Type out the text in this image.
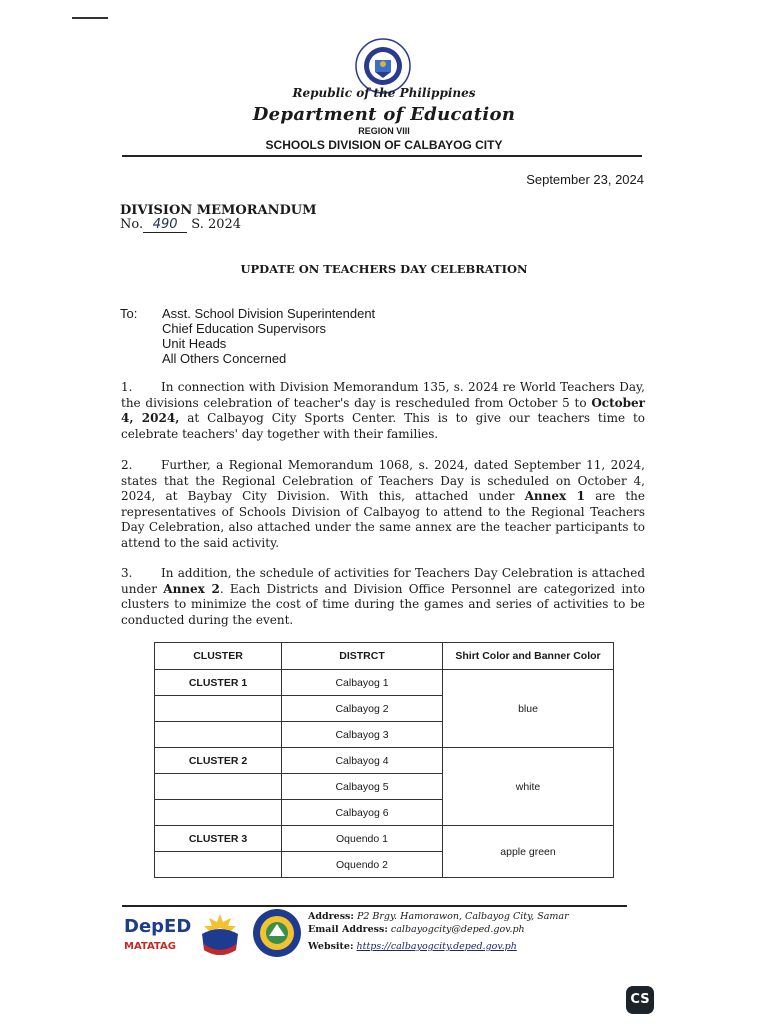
Republic of the Philippines
Department of Education
REGION VIII
SCHOOLS DIVISION OF CALBAYOG CITY
September 23, 2024
DIVISION MEMORANDUM
No. 490 S. 2024
UPDATE ON TEACHERS DAY CELEBRATION
To: Asst. School Division Superintendent
Chief Education Supervisors
Unit Heads
All Others Concerned
1. In connection with Division Memorandum 135, s. 2024 re World Teachers Day, the divisions celebration of teacher's day is rescheduled from October 5 to October 4, 2024, at Calbayog City Sports Center. This is to give our teachers time to celebrate teachers' day together with their families.
2. Further, a Regional Memorandum 1068, s. 2024, dated September 11, 2024, states that the Regional Celebration of Teachers Day is scheduled on October 4, 2024, at Baybay City Division. With this, attached under Annex 1 are the representatives of Schools Division of Calbayog to attend to the Regional Teachers Day Celebration, also attached under the same annex are the teacher participants to attend to the said activity.
3. In addition, the schedule of activities for Teachers Day Celebration is attached under Annex 2. Each Districts and Division Office Personnel are categorized into clusters to minimize the cost of time during the games and series of activities to be conducted during the event.
CLUSTER	DISTRCT	Shirt Color and Banner Color
CLUSTER 1	Calbayog 1	blue
	Calbayog 2	
	Calbayog 3	
CLUSTER 2	Calbayog 4	white
	Calbayog 5	
	Calbayog 6	
CLUSTER 3	Oquendo 1	apple green
	Oquendo 2	
DepED
MATATAG
Address: P2 Brgy. Hamorawon, Calbayog City, Samar
Email Address: calbayogcity@deped.gov.ph
Website: https://calbayogcity.deped.gov.ph
CS
